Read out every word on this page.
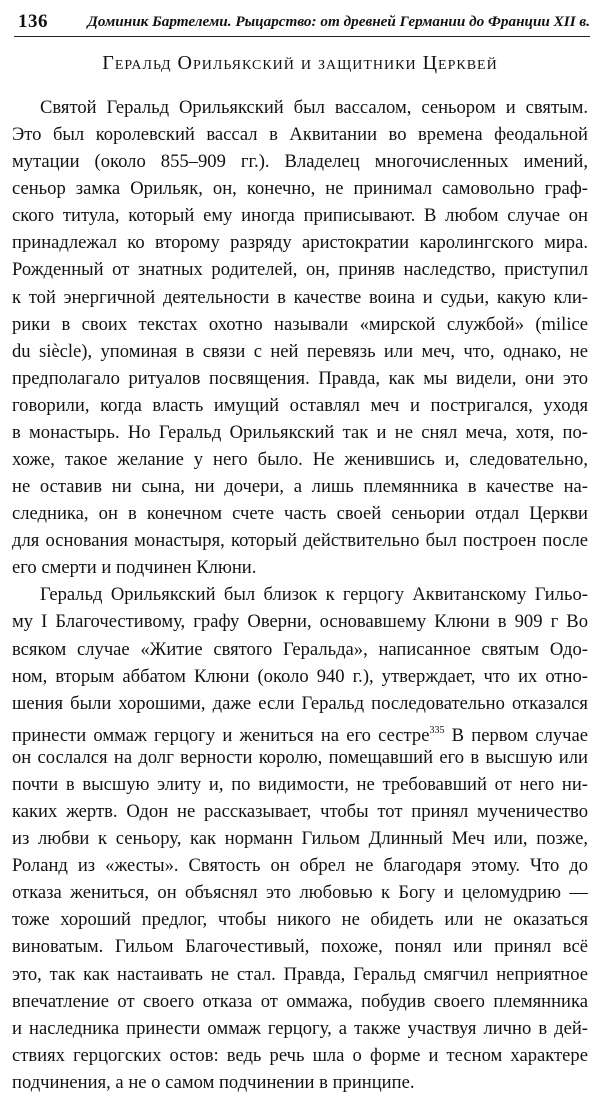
136	Доминик Бартелеми. Рыцарство: от древней Германии до Франции XII в.
Геральд Орильякский и защитники Церквей
Святой Геральд Орильякский был вассалом, сеньором и святым.
Это был королевский вассал в Аквитании во времена феодальной
мутации (около 855–909 гг.). Владелец многочисленных имений,
сеньор замка Орильяк, он, конечно, не принимал самовольно граф-
ского титула, который ему иногда приписывают. В любом случае он
принадлежал ко второму разряду аристократии каролингского мира.
Рожденный от знатных родителей, он, приняв наследство, приступил
к той энергичной деятельности в качестве воина и судьи, какую кли-
рики в своих текстах охотно называли «мирской службой» (milice
du siècle), упоминая в связи с ней перевязь или меч, что, однако, не
предполагало ритуалов посвящения. Правда, как мы видели, они это
говорили, когда власть имущий оставлял меч и постригался, уходя
в монастырь. Но Геральд Орильякский так и не снял меча, хотя, по-
хоже, такое желание у него было. Не женившись и, следовательно,
не оставив ни сына, ни дочери, а лишь племянника в качестве на-
следника, он в конечном счете часть своей сеньории отдал Церкви
для основания монастыря, который действительно был построен после
его смерти и подчинен Клюни.
Геральд Орильякский был близок к герцогу Аквитанскому Гильо-
му I Благочестивому, графу Оверни, основавшему Клюни в 909 г Во
всяком случае «Житие святого Геральда», написанное святым Одо-
ном, вторым аббатом Клюни (около 940 г.), утверждает, что их отно-
шения были хорошими, даже если Геральд последовательно отказался
принести оммаж герцогу и жениться на его сестре$^{335}$ В первом случае
он сослался на долг верности королю, помещавший его в высшую или
почти в высшую элиту и, по видимости, не требовавший от него ни-
каких жертв. Одон не рассказывает, чтобы тот принял мученичество
из любви к сеньору, как норманн Гильом Длинный Меч или, позже,
Роланд из «жесты». Святость он обрел не благодаря этому. Что до
отказа жениться, он объяснял это любовью к Богу и целомудрию —
тоже хороший предлог, чтобы никого не обидеть или не оказаться
виноватым. Гильом Благочестивый, похоже, понял или принял всё
это, так как настаивать не стал. Правда, Геральд смягчил неприятное
впечатление от своего отказа от оммажа, побудив своего племянника
и наследника принести оммаж герцогу, а также участвуя лично в дей-
ствиях герцогских остов: ведь речь шла о форме и тесном характере
подчинения, а не о самом подчинении в принципе.
